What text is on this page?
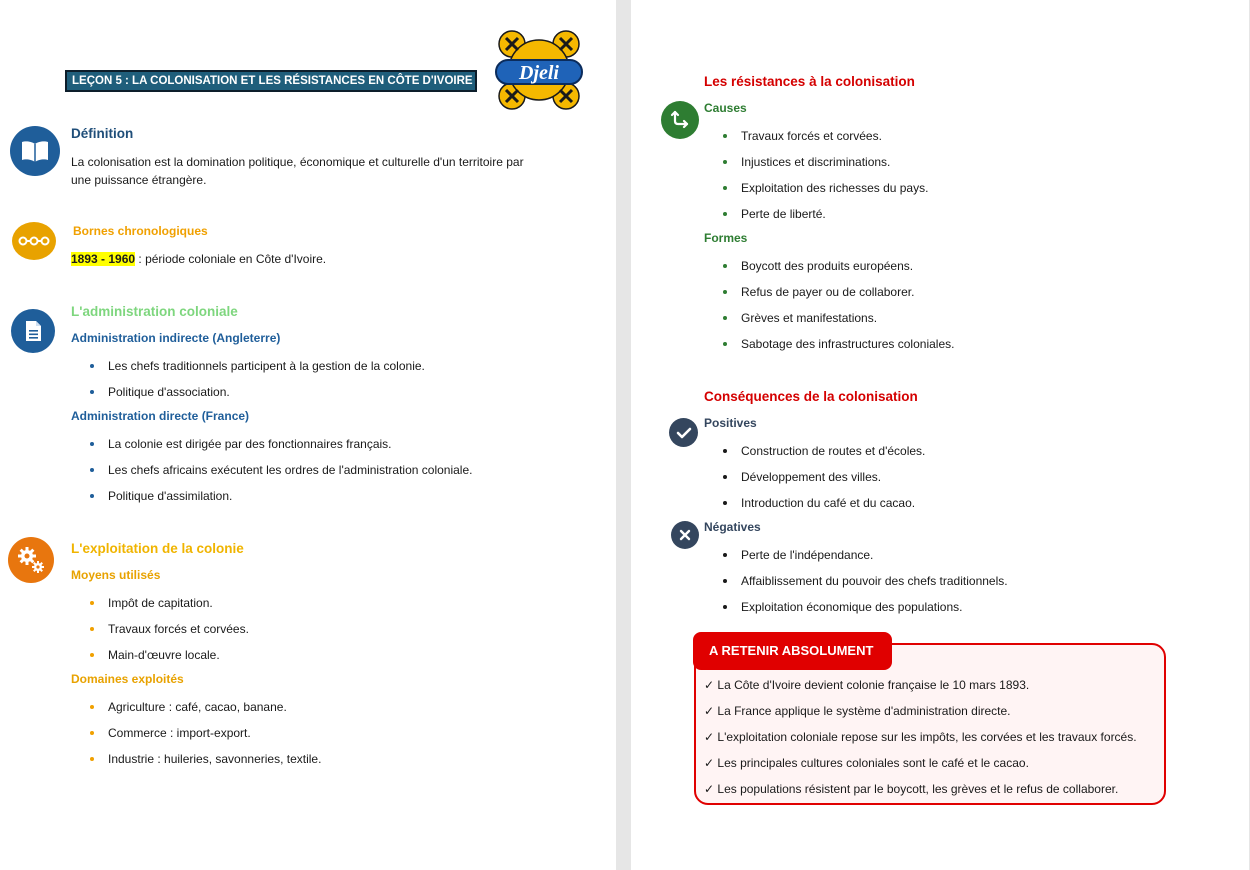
LEÇON 5 : LA COLONISATION ET LES RÉSISTANCES EN CÔTE D'IVOIRE Djeli
Définition
La colonisation est la domination politique, économique et culturelle d'un territoire par
une puissance étrangère.
Bornes chronologiques
1893 - 1960 : période coloniale en Côte d'Ivoire.
L'administration coloniale
Administration indirecte (Angleterre)
Les chefs traditionnels participent à la gestion de la colonie.
Politique d'association.
Administration directe (France)
La colonie est dirigée par des fonctionnaires français.
Les chefs africains exécutent les ordres de l'administration coloniale.
Politique d'assimilation.
L'exploitation de la colonie
Moyens utilisés
Impôt de capitation.
Travaux forcés et corvées.
Main-d'œuvre locale.
Domaines exploités
Agriculture : café, cacao, banane.
Commerce : import-export.
Industrie : huileries, savonneries, textile.
Les résistances à la colonisation
Causes
Travaux forcés et corvées.
Injustices et discriminations.
Exploitation des richesses du pays.
Perte de liberté.
Formes
Boycott des produits européens.
Refus de payer ou de collaborer.
Grèves et manifestations.
Sabotage des infrastructures coloniales.
Conséquences de la colonisation
Positives
Construction de routes et d'écoles.
Développement des villes.
Introduction du café et du cacao.
Négatives
Perte de l'indépendance.
Affaiblissement du pouvoir des chefs traditionnels.
Exploitation économique des populations.
A RETENIR ABSOLUMENT
✓ La Côte d'Ivoire devient colonie française le 10 mars 1893.
✓ La France applique le système d'administration directe.
✓ L'exploitation coloniale repose sur les impôts, les corvées et les travaux forcés.
✓ Les principales cultures coloniales sont le café et le cacao.
✓ Les populations résistent par le boycott, les grèves et le refus de collaborer.
